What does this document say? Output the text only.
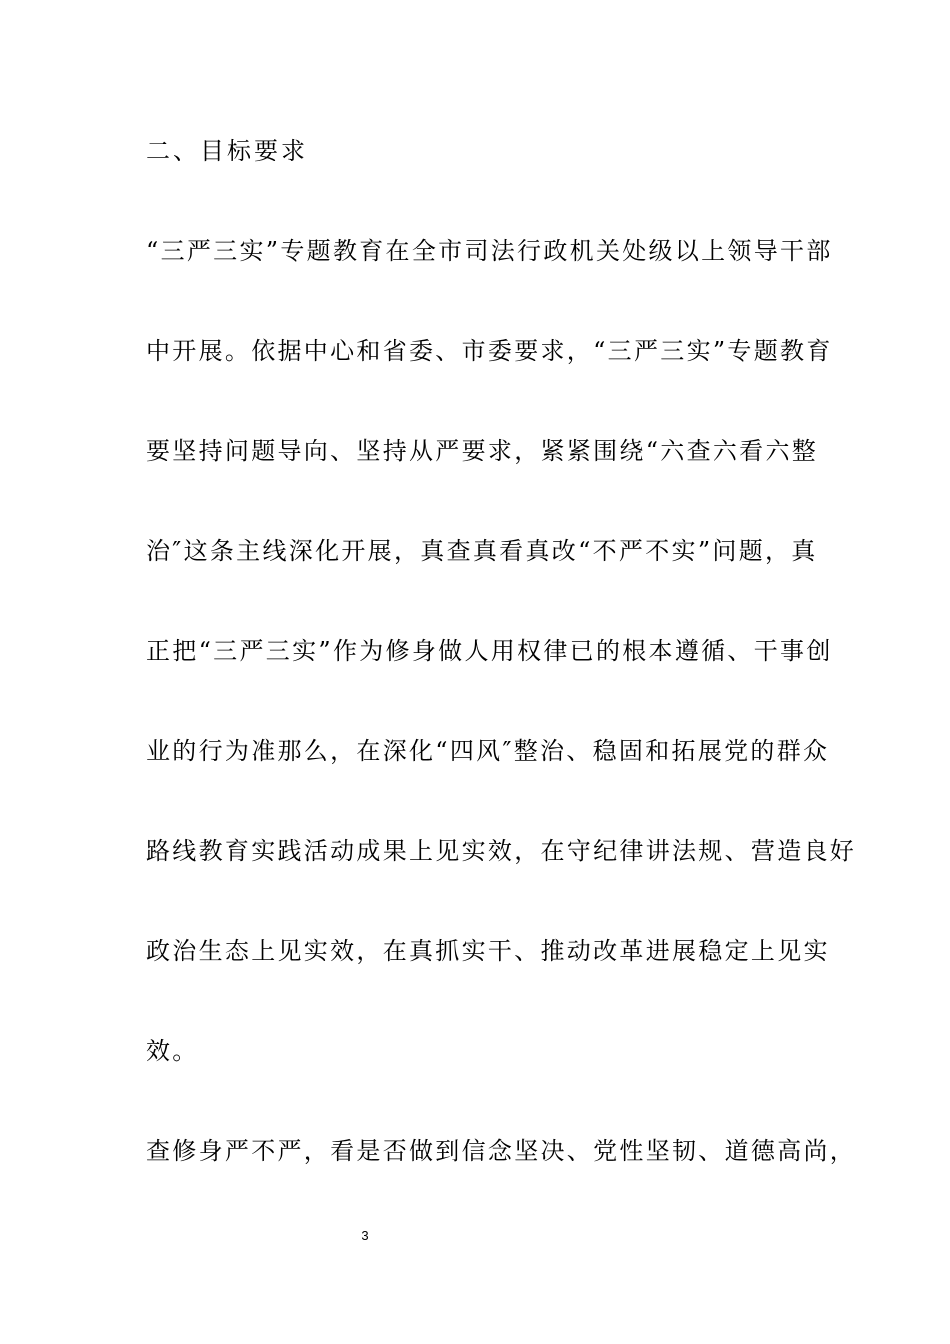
二、目标要求
“三严三实”专题教育在全市司法行政机关处级以上领导干部
中开展。依据中心和省委、市委要求，“三严三实”专题教育
要坚持问题导向、坚持从严要求，紧紧围绕“六查六看六整
治″这条主线深化开展，真查真看真改“不严不实”问题，真
正把“三严三实”作为修身做人用权律已的根本遵循、干事创
业的行为准那么，在深化“四风″整治、稳固和拓展党的群众
路线教育实践活动成果上见实效，在守纪律讲法规、营造良好
政治生态上见实效，在真抓实干、推动改革进展稳定上见实
效。
查修身严不严，看是否做到信念坚决、党性坚韧、道德高尚，
3
